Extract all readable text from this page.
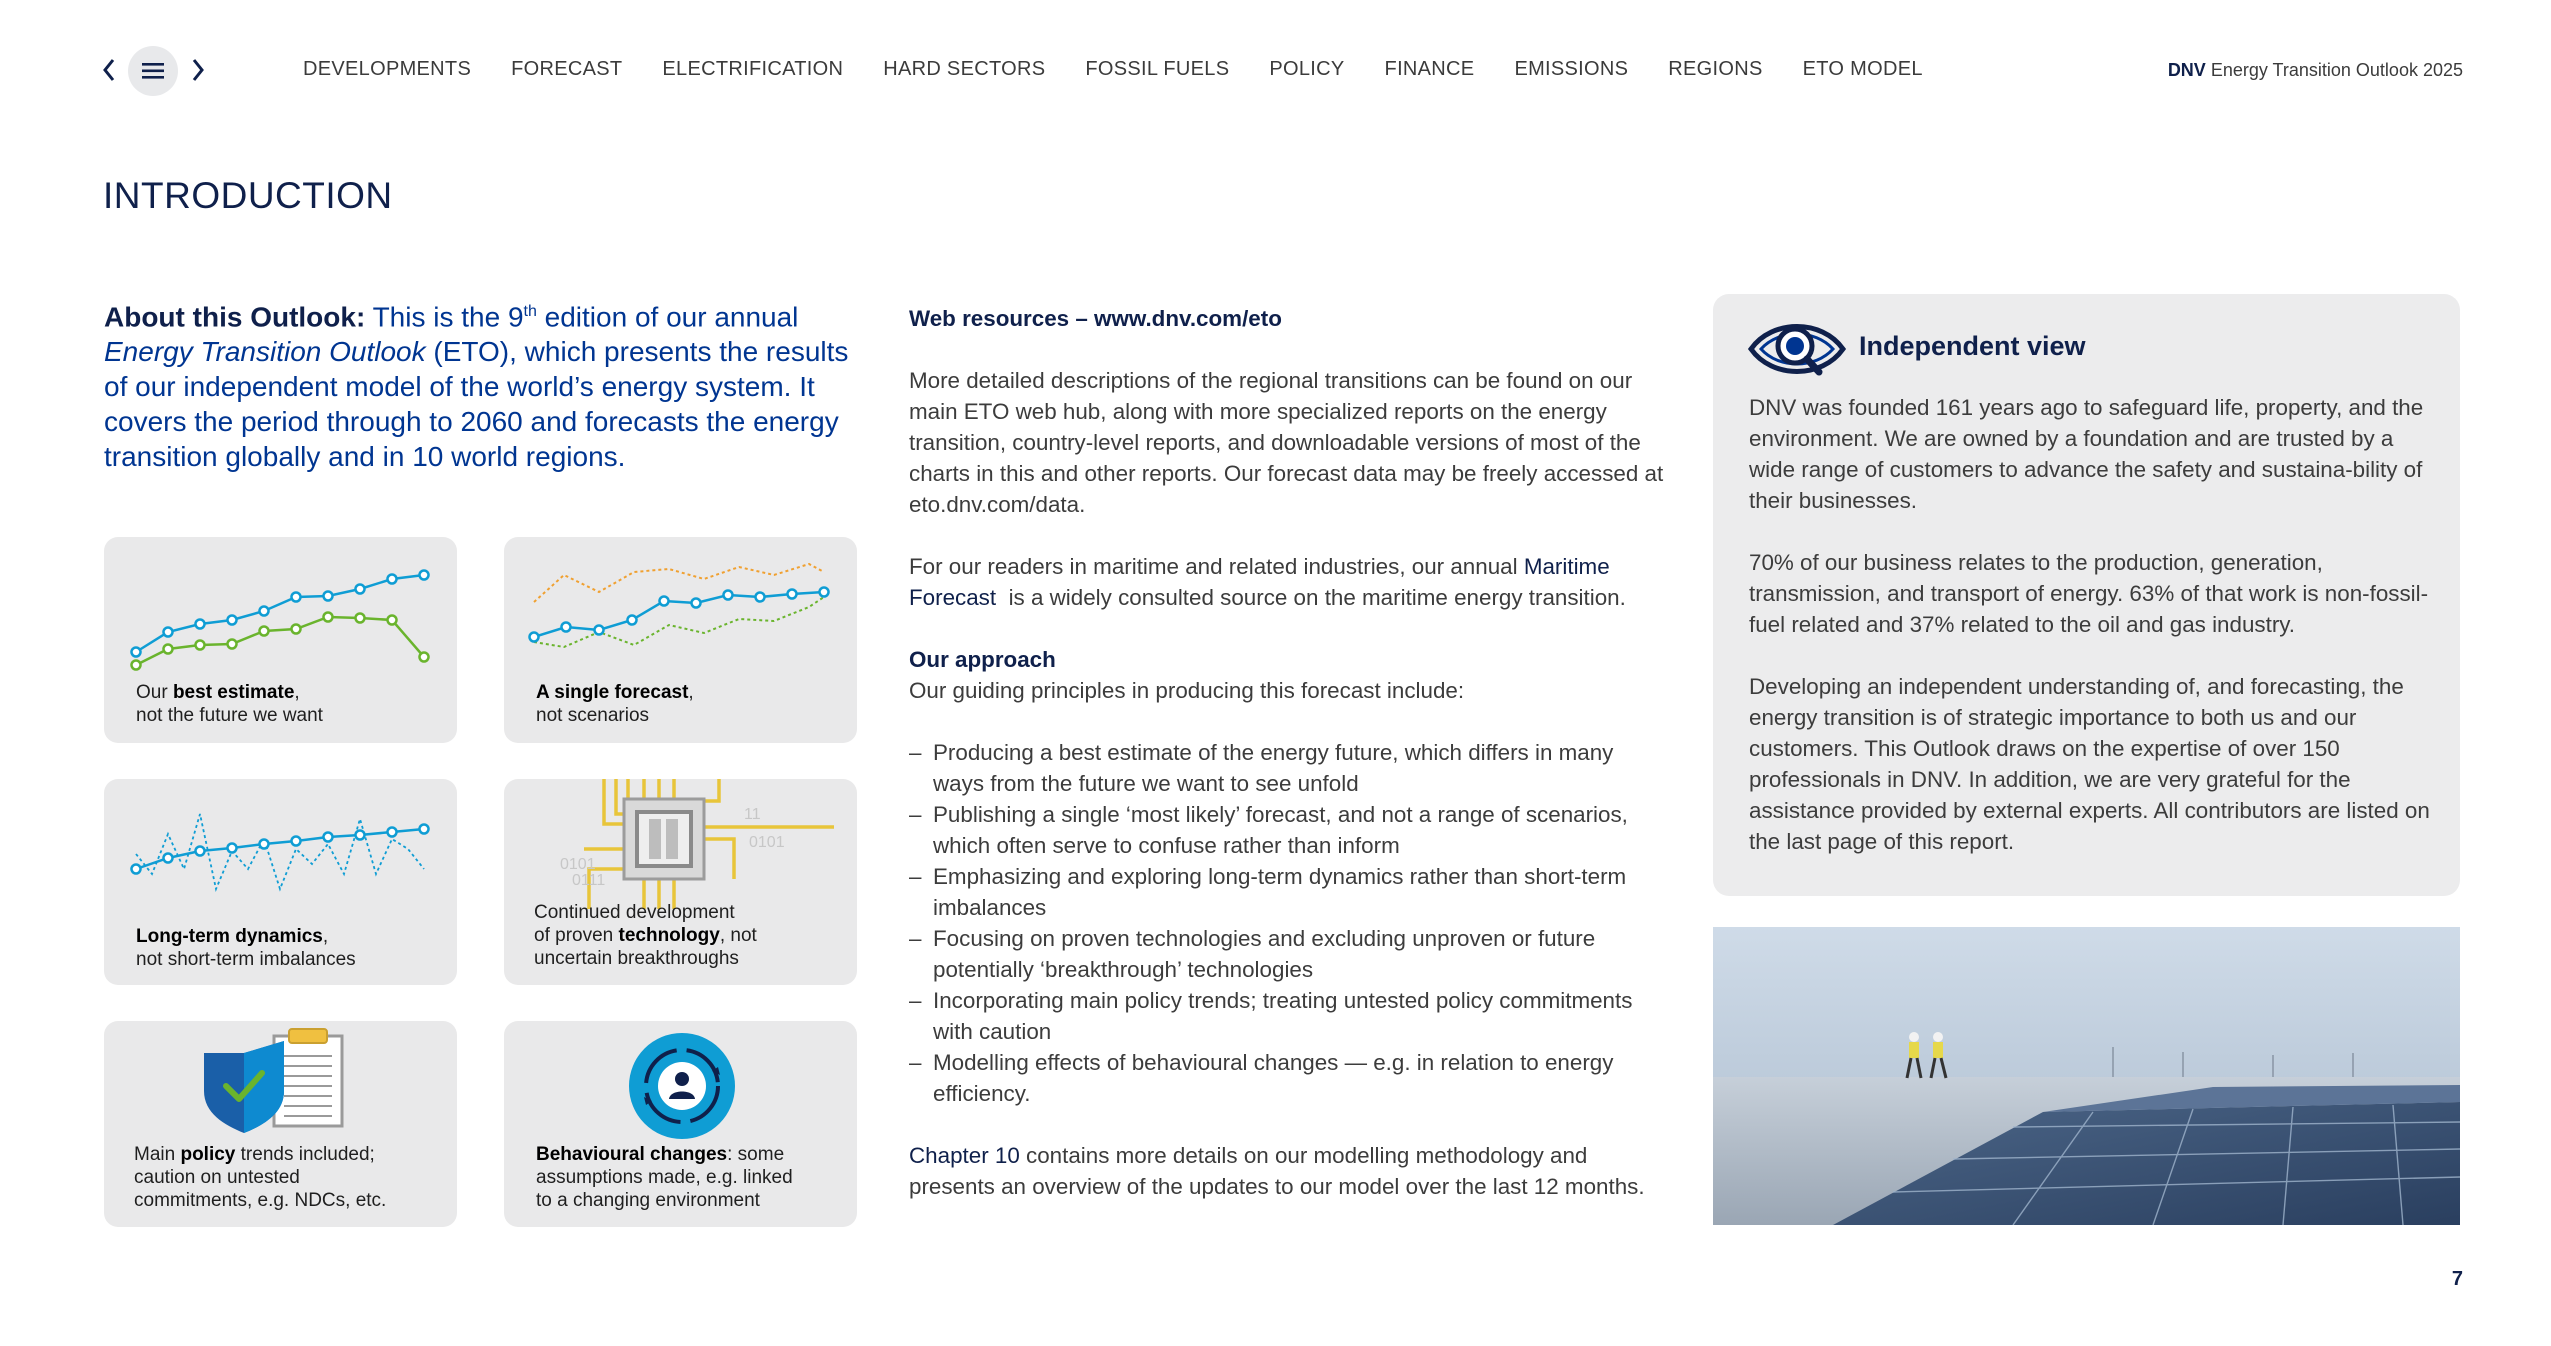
DEVELOPMENTS FORECAST ELECTRIFICATION HARD SECTORS FOSSIL FUELS POLICY FINANCE EMISSIONS REGIONS ETO MODEL	DNV Energy Transition Outlook 2025
INTRODUCTION
About this Outlook: This is the 9th edition of our annual Energy Transition Outlook (ETO), which presents the results of our independent model of the world’s energy system. It covers the period through to 2060 and forecasts the energy transition globally and in 10 world regions.
Our best estimate,
not the future we want
A single forecast,
not scenarios
Long-term dynamics,
not short-term imbalances
11
0101
0101
0111
Continued development
of proven technology, not
uncertain breakthroughs
Main policy trends included;
caution on untested
commitments, e.g. NDCs, etc.
Behavioural changes: some
assumptions made, e.g. linked
to a changing environment

Web resources – www.dnv.com/eto

More detailed descriptions of the regional transitions can be found on our main ETO web hub, along with more specialized reports on the energy transition, country-level reports, and downloadable versions of most of the charts in this and other reports. Our forecast data may be freely accessed at eto.dnv.com/data.

For our readers in maritime and related industries, our annual Maritime Forecast is a widely consulted source on the maritime energy transition.

Our approach

Our guiding principles in producing this forecast include:

– Producing a best estimate of the energy future, which differs in many ways from the future we want to see unfold
– Publishing a single ‘most likely’ forecast, and not a range of scenarios, which often serve to confuse rather than inform
– Emphasizing and exploring long-term dynamics rather than short-term imbalances
– Focusing on proven technologies and excluding unproven or future potentially ‘breakthrough’ technologies
– Incorporating main policy trends; treating untested policy commitments with caution
– Modelling effects of behavioural changes — e.g. in relation to energy efficiency.

Chapter 10 contains more details on our modelling methodology and presents an overview of the updates to our model over the last 12 months.

Independent view

DNV was founded 161 years ago to safeguard life, property, and the environment. We are owned by a foundation and are trusted by a wide range of customers to advance the safety and sustaina-bility of their businesses.

70% of our business relates to the production, generation, transmission, and transport of energy. 63% of that work is non-fossil-fuel related and 37% related to the oil and gas industry.

Developing an independent understanding of, and forecasting, the energy transition is of strategic importance to both us and our customers. This Outlook draws on the expertise of over 150 professionals in DNV. In addition, we are very grateful for the assistance provided by external experts. All contributors are listed on the last page of this report.

7
